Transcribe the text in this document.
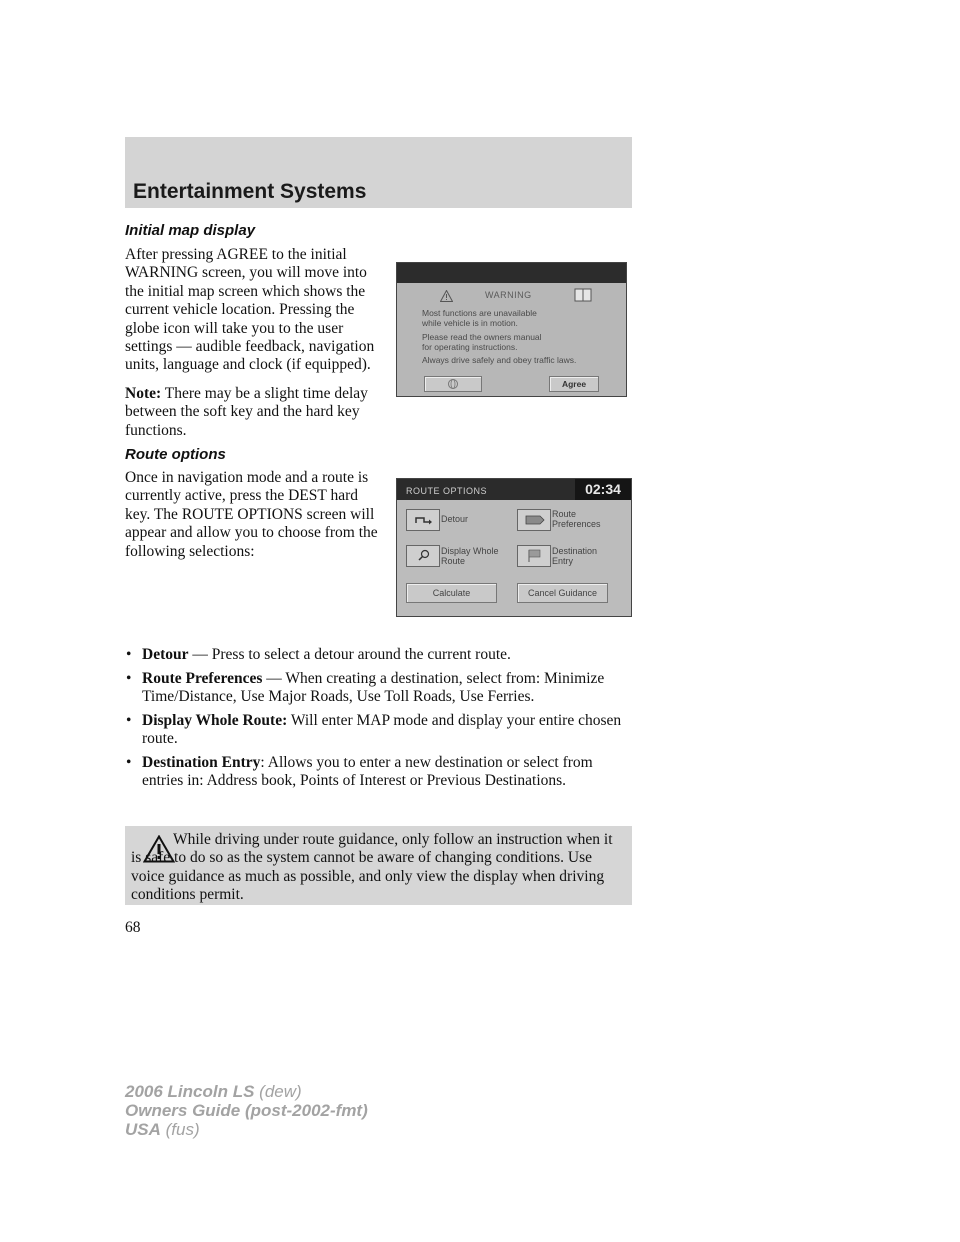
Entertainment Systems
Initial map display

After pressing AGREE to the initial WARNING screen, you will move into the initial map screen which shows the current vehicle location. Pressing the globe icon will take you to the user settings — audible feedback, navigation units, language and clock (if equipped).

Note: There may be a slight time delay between the soft key and the hard key functions.

WARNING
Most functions are unavailable
while vehicle is in motion.
Please read the owners manual
for operating instructions.
Always drive safely and obey traffic laws.
Agree
Route options

Once in navigation mode and a route is currently active, press the DEST hard key. The ROUTE OPTIONS screen will appear and allow you to choose from the following selections:

ROUTE OPTIONS	02:34
Detour	Route
Preferences
Display Whole
Route
Destination
Entry
Calculate	Cancel Guidance
• Detour — Press to select a detour around the current route.
• Route Preferences — When creating a destination, select from: Minimize Time/Distance, Use Major Roads, Use Toll Roads, Use Ferries.
• Display Whole Route: Will enter MAP mode and display your entire chosen route.
• Destination Entry: Allows you to enter a new destination or select from entries in: Address book, Points of Interest or Previous Destinations.

While driving under route guidance, only follow an instruction when it is safe to do so as the system cannot be aware of changing conditions. Use voice guidance as much as possible, and only view the display when driving conditions permit.

68
2006 Lincoln LS (dew)
Owners Guide (post-2002-fmt)
USA (fus)
